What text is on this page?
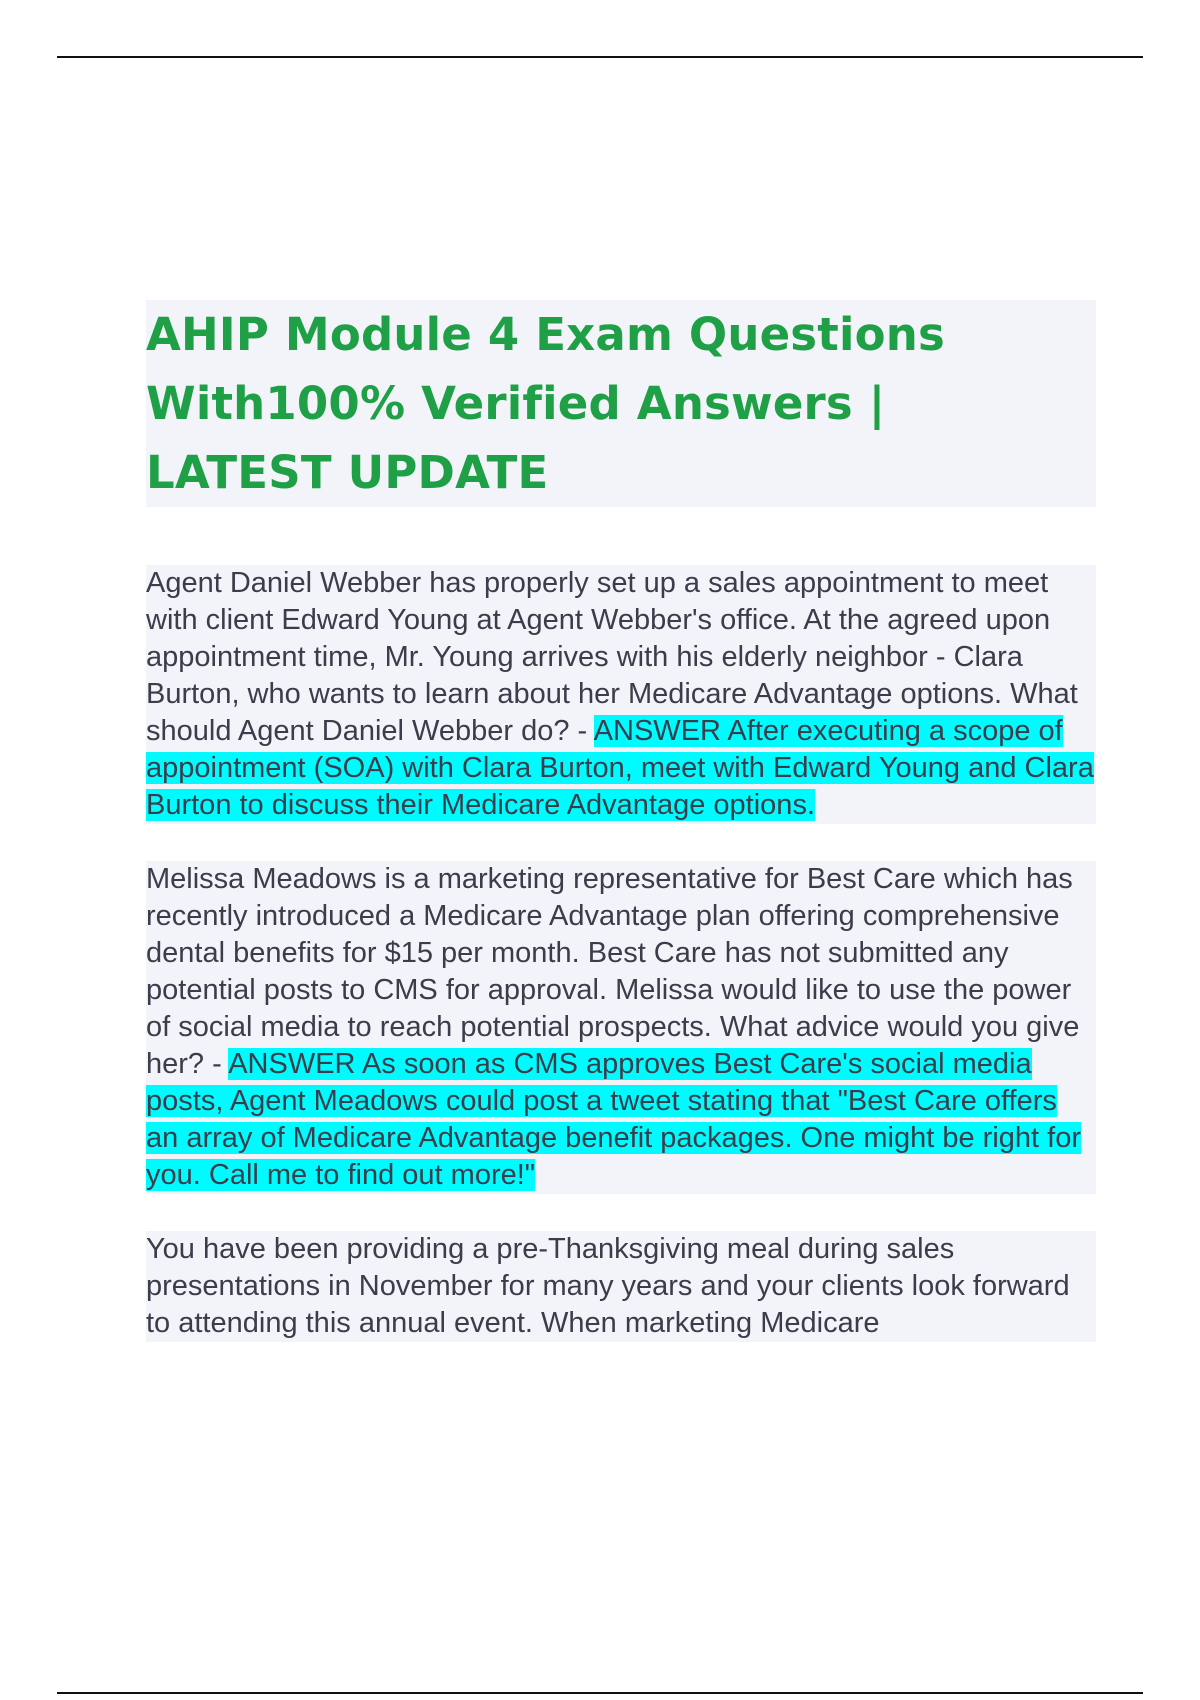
AHIP Module 4 Exam Questions
With100% Verified Answers |
LATEST UPDATE

Agent Daniel Webber has properly set up a sales appointment to meet with client Edward Young at Agent Webber's office. At the agreed upon appointment time, Mr. Young arrives with his elderly neighbor - Clara Burton, who wants to learn about her Medicare Advantage options. What should Agent Daniel Webber do? - ANSWER After executing a scope of appointment (SOA) with Clara Burton, meet with Edward Young and Clara Burton to discuss their Medicare Advantage options.

Melissa Meadows is a marketing representative for Best Care which has recently introduced a Medicare Advantage plan offering comprehensive dental benefits for $15 per month. Best Care has not submitted any potential posts to CMS for approval. Melissa would like to use the power of social media to reach potential prospects. What advice would you give her? - ANSWER As soon as CMS approves Best Care's social media posts, Agent Meadows could post a tweet stating that "Best Care offers an array of Medicare Advantage benefit packages. One might be right for you. Call me to find out more!"

You have been providing a pre-Thanksgiving meal during sales presentations in November for many years and your clients look forward to attending this annual event. When marketing Medicare
